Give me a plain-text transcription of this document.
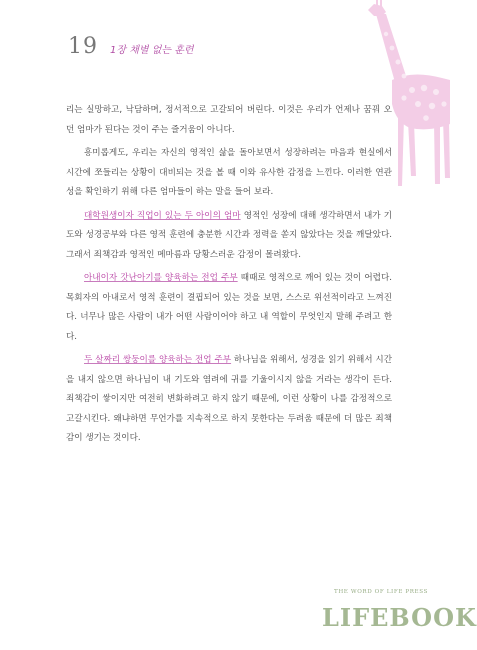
19 1장 채별 없는 훈련

리는 실망하고, 낙담하며, 정서적으로 고갈되어 버린다. 이것은 우리가 언제나 꿈꿔 오던 엄마가 된다는 것이 주는 즐거움이 아니다.

흥미롭게도, 우리는 자신의 영적인 삶을 돌아보면서 성장하려는 마음과 현실에서 시간에 쪼들리는 상황이 대비되는 것을 볼 때 이와 유사한 감정을 느낀다. 이러한 연관성을 확인하기 위해 다른 엄마들이 하는 말을 들어 보라.

대학원생이자 직업이 있는 두 아이의 엄마 영적인 성장에 대해 생각하면서 내가 기도와 성경공부와 다른 영적 훈련에 충분한 시간과 정력을 쏟지 않았다는 것을 깨달았다. 그래서 죄책감과 영적인 메마름과 당황스러운 감정이 몰려왔다.

아내이자 갓난아기를 양육하는 전업 주부 때때로 영적으로 깨어 있는 것이 어렵다. 목회자의 아내로서 영적 훈련이 결핍되어 있는 것을 보면, 스스로 위선적이라고 느껴진다. 너무나 많은 사람이 내가 어떤 사람이어야 하고 내 역할이 무엇인지 말해 주려고 한다.

두 살짜리 쌍둥이를 양육하는 전업 주부 하나님을 위해서, 성경을 읽기 위해서 시간을 내지 않으면 하나님이 내 기도와 염려에 귀를 기울이시지 않을 거라는 생각이 든다. 죄책감이 쌓이지만 여전히 변화하려고 하지 않기 때문에, 이런 상황이 나를 감정적으로 고갈시킨다. 왜냐하면 무언가를 지속적으로 하지 못한다는 두려움 때문에 더 많은 죄책감이 생기는 것이다.

THE WORD OF LIFE PRESS
LIFEBOOK
